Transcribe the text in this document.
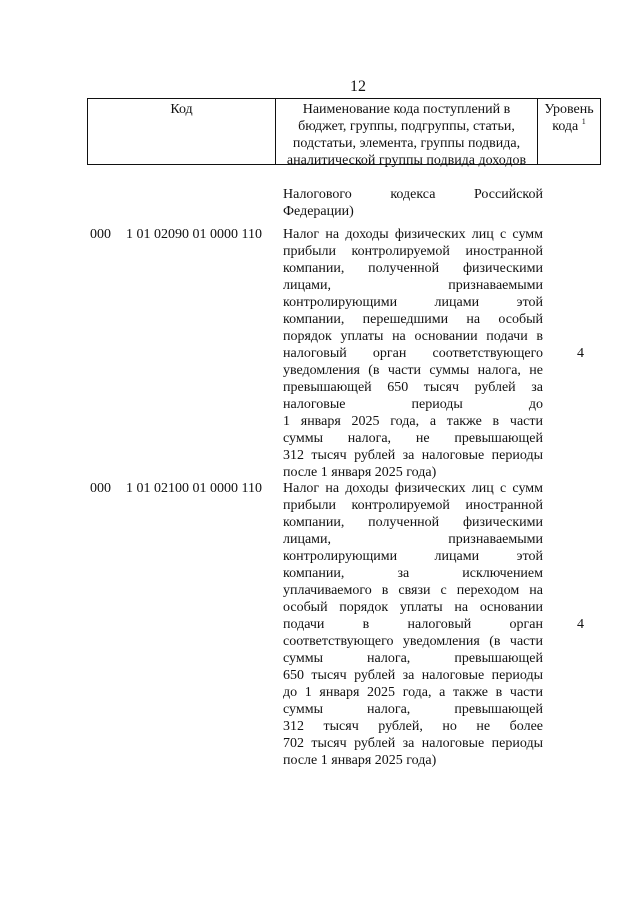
12
Код	Наименование кода поступлений в
бюджет, группы, подгруппы, статьи,
подстатьи, элемента, группы подвида,
аналитической группы подвида доходов
Уровень
кода $^1$
Налогового кодекса Российской
Федерации)
000 1 01 02090 01 0000 110 Налог на доходы физических лиц с сумм
прибыли контролируемой иностранной
компании, полученной физическими
лицами, признаваемыми
контролирующими лицами этой
компании, перешедшими на особый
порядок уплаты на основании подачи в
налоговый орган соответствующего
уведомления (в части суммы налога, не
превышающей 650 тысяч рублей за
налоговые периоды до
1 января 2025 года, а также в части
суммы налога, не превышающей
312 тысяч рублей за налоговые периоды
после 1 января 2025 года)
4
000 1 01 02100 01 0000 110 Налог на доходы физических лиц с сумм
прибыли контролируемой иностранной
компании, полученной физическими
лицами, признаваемыми
контролирующими лицами этой
компании, за исключением
уплачиваемого в связи с переходом на
особый порядок уплаты на основании
подачи в налоговый орган
соответствующего уведомления (в части
суммы налога, превышающей
650 тысяч рублей за налоговые периоды
до 1 января 2025 года, а также в части
суммы налога, превышающей
312 тысяч рублей, но не более
702 тысяч рублей за налоговые периоды
после 1 января 2025 года)
4
